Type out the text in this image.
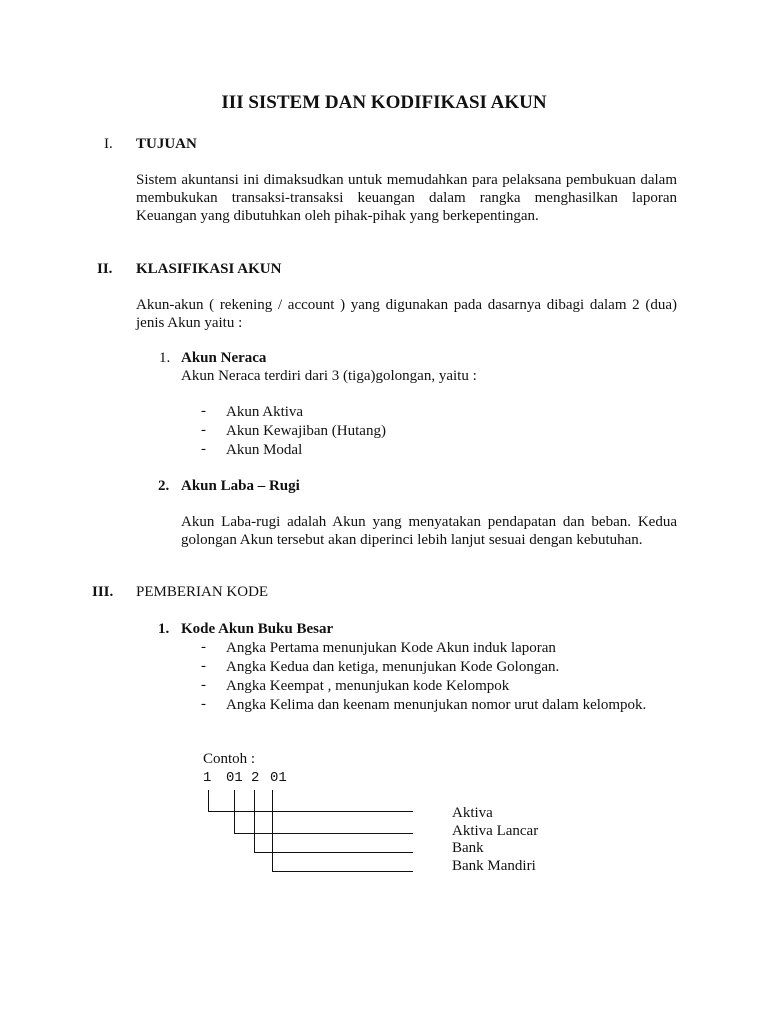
III SISTEM DAN KODIFIKASI AKUN
I. TUJUAN
Sistem akuntansi ini dimaksudkan untuk memudahkan para pelaksana pembukuan dalam membukukan transaksi-transaksi keuangan dalam rangka menghasilkan laporan Keuangan yang dibutuhkan oleh pihak-pihak yang berkepentingan.
II. KLASIFIKASI AKUN
Akun-akun ( rekening / account ) yang digunakan pada dasarnya dibagi dalam 2 (dua) jenis Akun yaitu :
1. Akun Neraca
Akun Neraca terdiri dari 3 (tiga)golongan, yaitu :
- Akun Aktiva
- Akun Kewajiban (Hutang)
- Akun Modal
2. Akun Laba – Rugi
Akun Laba-rugi adalah Akun yang menyatakan pendapatan dan beban. Kedua golongan Akun tersebut akan diperinci lebih lanjut sesuai dengan kebutuhan.
III. PEMBERIAN KODE
1. Kode Akun Buku Besar
- Angka Pertama menunjukan Kode Akun induk laporan
- Angka Kedua dan ketiga, menunjukan Kode Golongan.
- Angka Keempat , menunjukan kode Kelompok
- Angka Kelima dan keenam menunjukan nomor urut dalam kelompok.
Contoh :
1 01 2 01
Aktiva
Aktiva Lancar
Bank
Bank Mandiri
